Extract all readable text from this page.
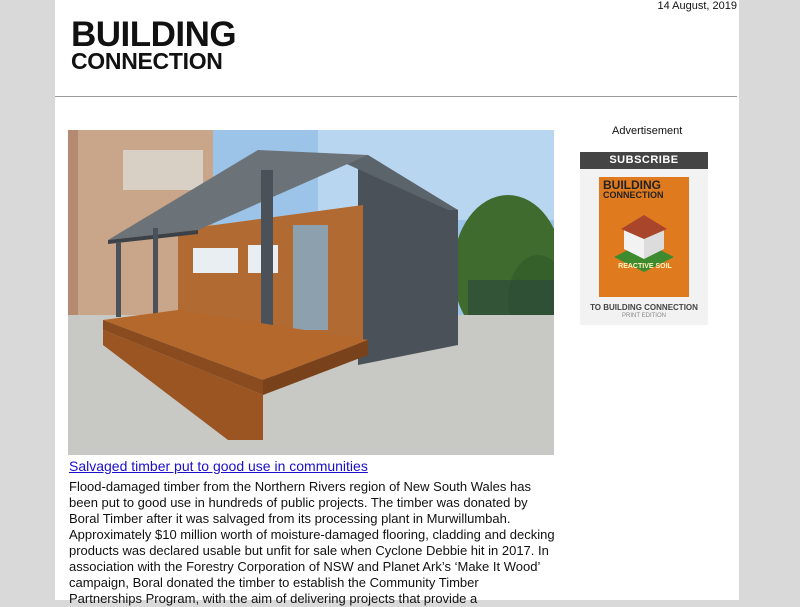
14 August, 2019
BUILDING
CONNECTION
Salvaged timber put to good use in communities
Flood-damaged timber from the Northern Rivers region of New South Wales has been put to good use in hundreds of public projects. The timber was donated by Boral Timber after it was salvaged from its processing plant in Murwillumbah. Approximately $10 million worth of moisture-damaged flooring, cladding and decking products was declared usable but unfit for sale when Cyclone Debbie hit in 2017. In association with the Forestry Corporation of NSW and Planet Ark’s ‘Make It Wood’ campaign, Boral donated the timber to establish the Community Timber Partnerships Program, with the aim of delivering projects that provide a
Advertisement
SUBSCRIBE
BUILDING
CONNECTION
REACTIVE SOIL
TO BUILDING CONNECTION
PRINT EDITION
